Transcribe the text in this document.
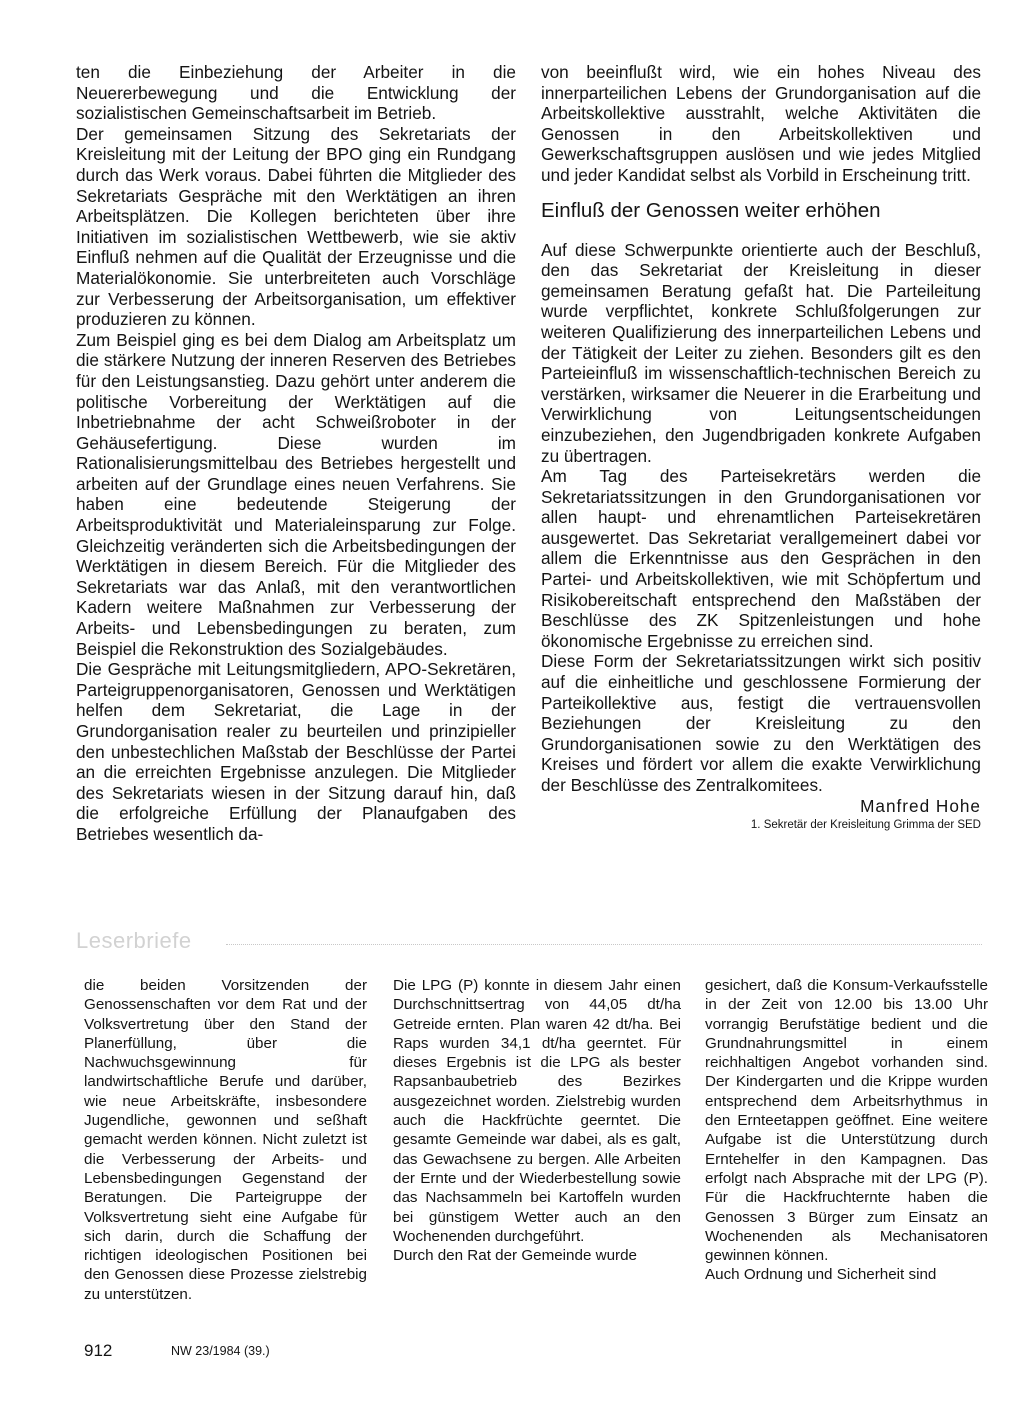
ten die Einbeziehung der Arbeiter in die Neuererbewegung und die Entwicklung der sozialistischen Gemeinschaftsarbeit im Betrieb.

Der gemeinsamen Sitzung des Sekretariats der Kreisleitung mit der Leitung der BPO ging ein Rundgang durch das Werk voraus. Dabei führten die Mitglieder des Sekretariats Gespräche mit den Werktätigen an ihren Arbeitsplätzen. Die Kollegen berichteten über ihre Initiativen im sozialistischen Wettbewerb, wie sie aktiv Einfluß nehmen auf die Qualität der Erzeugnisse und die Materialökonomie. Sie unterbreiteten auch Vorschläge zur Verbesserung der Arbeitsorganisation, um effektiver produzieren zu können.

Zum Beispiel ging es bei dem Dialog am Arbeitsplatz um die stärkere Nutzung der inneren Reserven des Betriebes für den Leistungsanstieg. Dazu gehört unter anderem die politische Vorbereitung der Werktätigen auf die Inbetriebnahme der acht Schweißroboter in der Gehäusefertigung. Diese wurden im Rationalisierungsmittelbau des Betriebes hergestellt und arbeiten auf der Grundlage eines neuen Verfahrens. Sie haben eine bedeutende Steigerung der Arbeitsproduktivität und Materialeinsparung zur Folge. Gleichzeitig veränderten sich die Arbeitsbedingungen der Werktätigen in diesem Bereich. Für die Mitglieder des Sekretariats war das Anlaß, mit den verantwortlichen Kadern weitere Maßnahmen zur Verbesserung der Arbeits- und Lebensbedingungen zu beraten, zum Beispiel die Rekonstruktion des Sozialgebäudes.

Die Gespräche mit Leitungsmitgliedern, APO-Sekretären, Parteigruppenorganisatoren, Genossen und Werktätigen helfen dem Sekretariat, die Lage in der Grundorganisation realer zu beurteilen und prinzipieller den unbestechlichen Maßstab der Beschlüsse der Partei an die erreichten Ergebnisse anzulegen. Die Mitglieder des Sekretariats wiesen in der Sitzung darauf hin, daß die erfolgreiche Erfüllung der Planaufgaben des Betriebes wesentlich da-

von beeinflußt wird, wie ein hohes Niveau des innerparteilichen Lebens der Grundorganisation auf die Arbeitskollektive ausstrahlt, welche Aktivitäten die Genossen in den Arbeitskollektiven und Gewerkschaftsgruppen auslösen und wie jedes Mitglied und jeder Kandidat selbst als Vorbild in Erscheinung tritt.

Einfluß der Genossen weiter erhöhen

Auf diese Schwerpunkte orientierte auch der Beschluß, den das Sekretariat der Kreisleitung in dieser gemeinsamen Beratung gefaßt hat. Die Parteileitung wurde verpflichtet, konkrete Schlußfolgerungen zur weiteren Qualifizierung des innerparteilichen Lebens und der Tätigkeit der Leiter zu ziehen. Besonders gilt es den Parteieinfluß im wissenschaftlich-technischen Bereich zu verstärken, wirksamer die Neuerer in die Erarbeitung und Verwirklichung von Leitungsentscheidungen einzubeziehen, den Jugendbrigaden konkrete Aufgaben zu übertragen.

Am Tag des Parteisekretärs werden die Sekretariatssitzungen in den Grundorganisationen vor allen haupt- und ehrenamtlichen Parteisekretären ausgewertet. Das Sekretariat verallgemeinert dabei vor allem die Erkenntnisse aus den Gesprächen in den Partei- und Arbeitskollektiven, wie mit Schöpfertum und Risikobereitschaft entsprechend den Maßstäben der Beschlüsse des ZK Spitzenleistungen und hohe ökonomische Ergebnisse zu erreichen sind.

Diese Form der Sekretariatssitzungen wirkt sich positiv auf die einheitliche und geschlossene Formierung der Parteikollektive aus, festigt die vertrauensvollen Beziehungen der Kreisleitung zu den Grundorganisationen sowie zu den Werktätigen des Kreises und fördert vor allem die exakte Verwirklichung der Beschlüsse des Zentralkomitees.

Manfred Hohe

1. Sekretär der Kreisleitung Grimma der SED

Leserbriefe

die beiden Vorsitzenden der Genossenschaften vor dem Rat und der Volksvertretung über den Stand der Planerfüllung, über die Nachwuchsgewinnung für landwirtschaftliche Berufe und darüber, wie neue Arbeitskräfte, insbesondere Jugendliche, gewonnen und seßhaft gemacht werden können. Nicht zuletzt ist die Verbesserung der Arbeits- und Lebensbedingungen Gegenstand der Beratungen. Die Parteigruppe der Volksvertretung sieht eine Aufgabe für sich darin, durch die Schaffung der richtigen ideologischen Positionen bei den Genossen diese Prozesse zielstrebig zu unterstützen.

Die LPG (P) konnte in diesem Jahr einen Durchschnittsertrag von 44,05 dt/ha Getreide ernten. Plan waren 42 dt/ha. Bei Raps wurden 34,1 dt/ha geerntet. Für dieses Ergebnis ist die LPG als bester Rapsanbaubetrieb des Bezirkes ausgezeichnet worden. Zielstrebig wurden auch die Hackfrüchte geerntet. Die gesamte Gemeinde war dabei, als es galt, das Gewachsene zu bergen. Alle Arbeiten der Ernte und der Wiederbestellung sowie das Nachsammeln bei Kartoffeln wurden bei günstigem Wetter auch an den Wochenenden durchgeführt.

Durch den Rat der Gemeinde wurde

gesichert, daß die Konsum-Verkaufsstelle in der Zeit von 12.00 bis 13.00 Uhr vorrangig Berufstätige bedient und die Grundnahrungsmittel in einem reichhaltigen Angebot vorhanden sind. Der Kindergarten und die Krippe wurden entsprechend dem Arbeitsrhythmus in den Ernteetappen geöffnet. Eine weitere Aufgabe ist die Unterstützung durch Erntehelfer in den Kampagnen. Das erfolgt nach Absprache mit der LPG (P). Für die Hackfruchternte haben die Genossen 3 Bürger zum Einsatz an Wochenenden als Mechanisatoren gewinnen können.

Auch Ordnung und Sicherheit sind

912	NW 23/1984 (39.)
